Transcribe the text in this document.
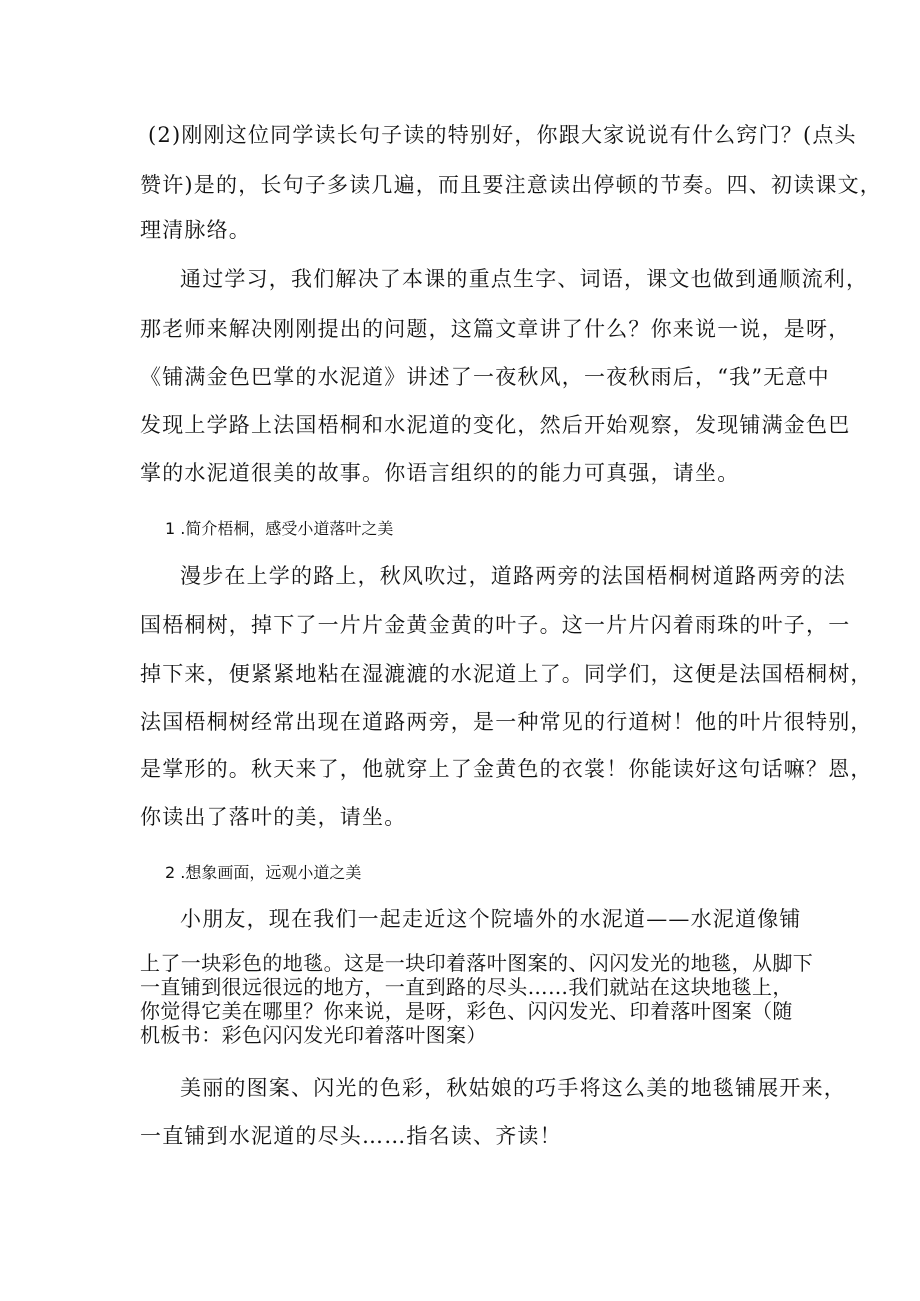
(2)刚刚这位同学读长句子读的特别好，你跟大家说说有什么窍门？(点头
赞许)是的，长句子多读几遍，而且要注意读出停顿的节奏。四、初读课文，
理清脉络。
通过学习，我们解决了本课的重点生字、词语，课文也做到通顺流利，
那老师来解决刚刚提出的问题，这篇文章讲了什么？你来说一说，是呀，
《铺满金色巴掌的水泥道》讲述了一夜秋风，一夜秋雨后，“我”无意中
发现上学路上法国梧桐和水泥道的变化，然后开始观察，发现铺满金色巴
掌的水泥道很美的故事。你语言组织的的能力可真强，请坐。
1 .简介梧桐，感受小道落叶之美
漫步在上学的路上，秋风吹过，道路两旁的法国梧桐树道路两旁的法
国梧桐树，掉下了一片片金黄金黄的叶子。这一片片闪着雨珠的叶子，一
掉下来，便紧紧地粘在湿漉漉的水泥道上了。同学们，这便是法国梧桐树，
法国梧桐树经常出现在道路两旁，是一种常见的行道树！他的叶片很特别，
是掌形的。秋天来了，他就穿上了金黄色的衣裳！你能读好这句话嘛？恩，
你读出了落叶的美，请坐。
2 .想象画面，远观小道之美
小朋友，现在我们一起走近这个院墙外的水泥道——水泥道像铺
上了一块彩色的地毯。这是一块印着落叶图案的、闪闪发光的地毯，从脚下
一直铺到很远很远的地方，一直到路的尽头……我们就站在这块地毯上，
你觉得它美在哪里？你来说，是呀，彩色、闪闪发光、印着落叶图案（随
机板书：彩色闪闪发光印着落叶图案）
美丽的图案、闪光的色彩，秋姑娘的巧手将这么美的地毯铺展开来，
一直铺到水泥道的尽头……指名读、齐读！
